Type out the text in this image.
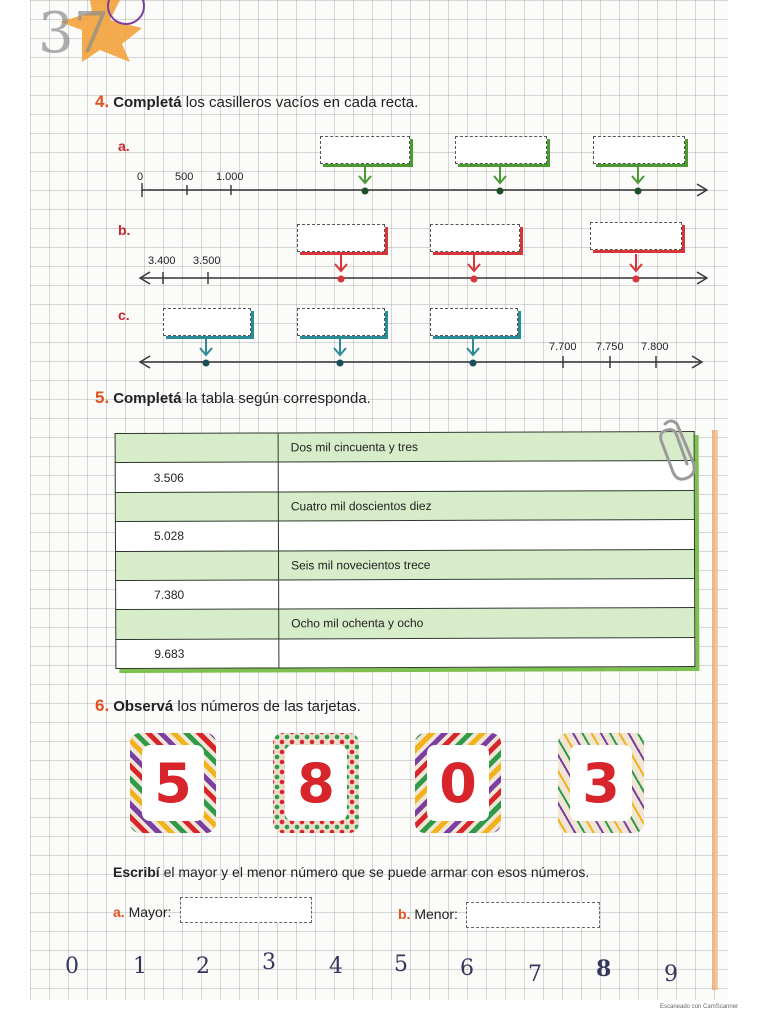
37
4. Completá los casilleros vacíos en cada recta.
a.
b.
c.
0	500 1.000
3.400 3.500
7.700 7.750 7.800
5. Completá la tabla según corresponda.
	Dos mil cincuenta y tres
3.506	
	Cuatro mil doscientos diez
5.028	
	Seis mil novecientos trece
7.380	
	Ocho mil ochenta y ocho
9.683	
6. Observá los números de las tarjetas.
5 8 0 3
Escribí el mayor y el menor número que se puede armar con esos números.
a. Mayor:	b. Menor:
0 1 2 3 4 5 6 7 8 9
Escaneado con CamScanner
